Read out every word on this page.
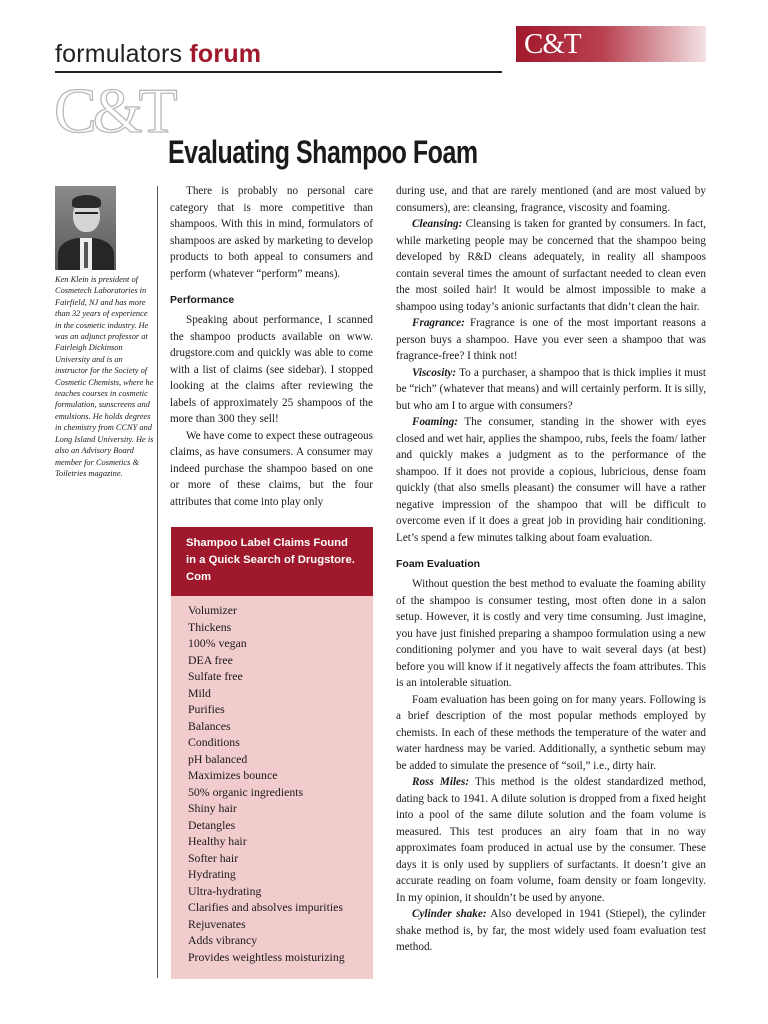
formulators forum	C&T
C&T
Evaluating Shampoo Foam

Ken Klein is president of Cosmetech Laboratories in Fairfield, NJ and has more than 32 years of experience in the cosmetic industry. He was an adjunct professor at Fairleigh Dickinson University and is an instructor for the Society of Cosmetic Chemists, where he teaches courses in cosmetic formulation, sunscreens and emulsions. He holds degrees in chemistry from CCNY and Long Island University. He is also an Advisory Board member for Cosmetics & Toiletries magazine.

There is probably no personal care category that is more competitive than shampoos. With this in mind, formulators of shampoos are asked by marketing to develop products to both appeal to consumers and perform (whatever “perform” means).

Performance

Speaking about performance, I scanned the shampoo products available on www. drugstore.com and quickly was able to come with a list of claims (see sidebar). I stopped looking at the claims after reviewing the labels of approximately 25 shampoos of the more than 300 they sell!

We have come to expect these outrageous claims, as have consumers. A consumer may indeed purchase the shampoo based on one or more of these claims, but the four attributes that come into play only

Shampoo Label Claims Found in a Quick Search of Drugstore. Com
Volumizer
Thickens
100% vegan
DEA free
Sulfate free
Mild
Purifies
Balances
Conditions
pH balanced
Maximizes bounce
50% organic ingredients
Shiny hair
Detangles
Healthy hair
Softer hair
Hydrating
Ultra-hydrating
Clarifies and absolves impurities
Rejuvenates
Adds vibrancy
Provides weightless moisturizing

during use, and that are rarely mentioned (and are most valued by consumers), are: cleansing, fragrance, viscosity and foaming.

Cleansing: Cleansing is taken for granted by consumers. In fact, while marketing people may be concerned that the shampoo being developed by R&D cleans adequately, in reality all shampoos contain several times the amount of surfactant needed to clean even the most soiled hair! It would be almost impossible to make a shampoo using today’s anionic surfactants that didn’t clean the hair.

Fragrance: Fragrance is one of the most important reasons a person buys a shampoo. Have you ever seen a shampoo that was fragrance-free? I think not!

Viscosity: To a purchaser, a shampoo that is thick implies it must be “rich” (whatever that means) and will certainly perform. It is silly, but who am I to argue with consumers?

Foaming: The consumer, standing in the shower with eyes closed and wet hair, applies the shampoo, rubs, feels the foam/ lather and quickly makes a judgment as to the performance of the shampoo. If it does not provide a copious, lubricious, dense foam quickly (that also smells pleasant) the consumer will have a rather negative impression of the shampoo that will be difficult to overcome even if it does a great job in providing hair conditioning. Let’s spend a few minutes talking about foam evaluation.

Foam Evaluation

Without question the best method to evaluate the foaming ability of the shampoo is consumer testing, most often done in a salon setup. However, it is costly and very time consuming. Just imagine, you have just finished preparing a shampoo formulation using a new conditioning polymer and you have to wait several days (at best) before you will know if it negatively affects the foam attributes. This is an intolerable situation.

Foam evaluation has been going on for many years. Following is a brief description of the most popular methods employed by chemists. In each of these methods the temperature of the water and water hardness may be varied. Additionally, a synthetic sebum may be added to simulate the presence of “soil,” i.e., dirty hair.

Ross Miles: This method is the oldest standardized method, dating back to 1941. A dilute solution is dropped from a fixed height into a pool of the same dilute solution and the foam volume is measured. This test produces an airy foam that in no way approximates foam produced in actual use by the consumer. These days it is only used by suppliers of surfactants. It doesn’t give an accurate reading on foam volume, foam density or foam longevity. In my opinion, it shouldn’t be used by anyone.

Cylinder shake: Also developed in 1941 (Stiepel), the cylinder shake method is, by far, the most widely used foam evaluation test method.
